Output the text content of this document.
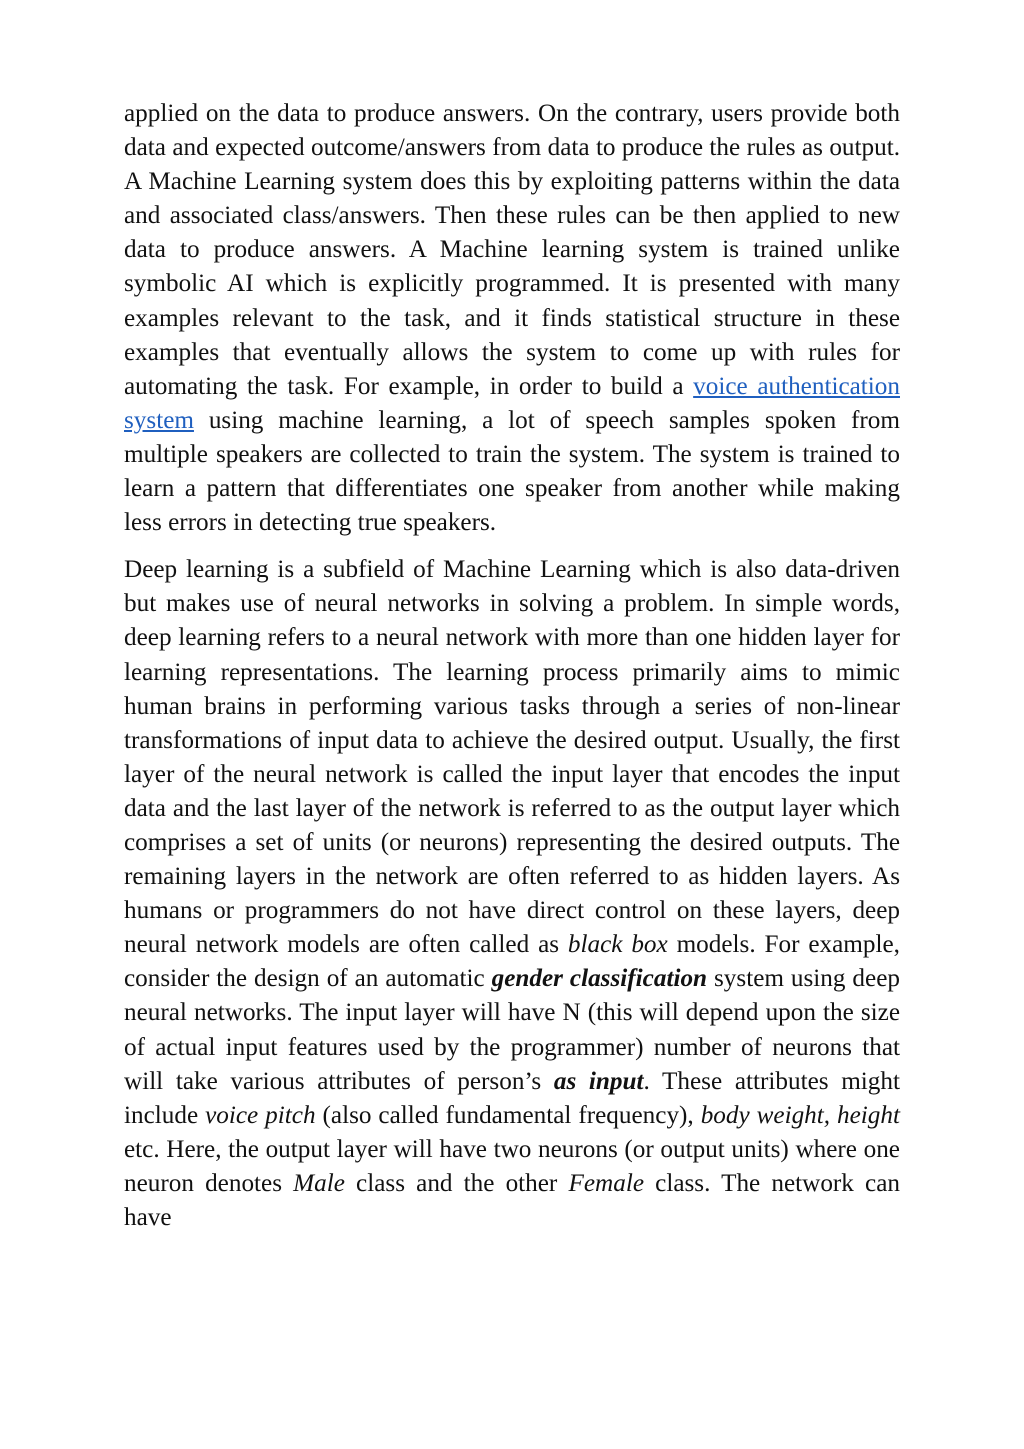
applied on the data to produce answers. On the contrary, users provide both data and expected outcome/answers from data to produce the rules as output. A Machine Learning system does this by exploiting patterns within the data and associated class/answers. Then these rules can be then applied to new data to produce answers. A Machine learning system is trained unlike symbolic AI which is explicitly programmed. It is presented with many examples relevant to the task, and it finds statistical structure in these examples that eventually allows the system to come up with rules for automating the task. For example, in order to build a voice authentication system using machine learning, a lot of speech samples spoken from multiple speakers are collected to train the system. The system is trained to learn a pattern that differentiates one speaker from another while making less errors in detecting true speakers.

Deep learning is a subfield of Machine Learning which is also data-driven but makes use of neural networks in solving a problem. In simple words, deep learning refers to a neural network with more than one hidden layer for learning representations. The learning process primarily aims to mimic human brains in performing various tasks through a series of non-linear transformations of input data to achieve the desired output. Usually, the first layer of the neural network is called the input layer that encodes the input data and the last layer of the network is referred to as the output layer which comprises a set of units (or neurons) representing the desired outputs. The remaining layers in the network are often referred to as hidden layers. As humans or programmers do not have direct control on these layers, deep neural network models are often called as black box models. For example, consider the design of an automatic gender classification system using deep neural networks. The input layer will have N (this will depend upon the size of actual input features used by the programmer) number of neurons that will take various attributes of person’s as input. These attributes might include voice pitch (also called fundamental frequency), body weight, height etc. Here, the output layer will have two neurons (or output units) where one neuron denotes Male class and the other Female class. The network can have
